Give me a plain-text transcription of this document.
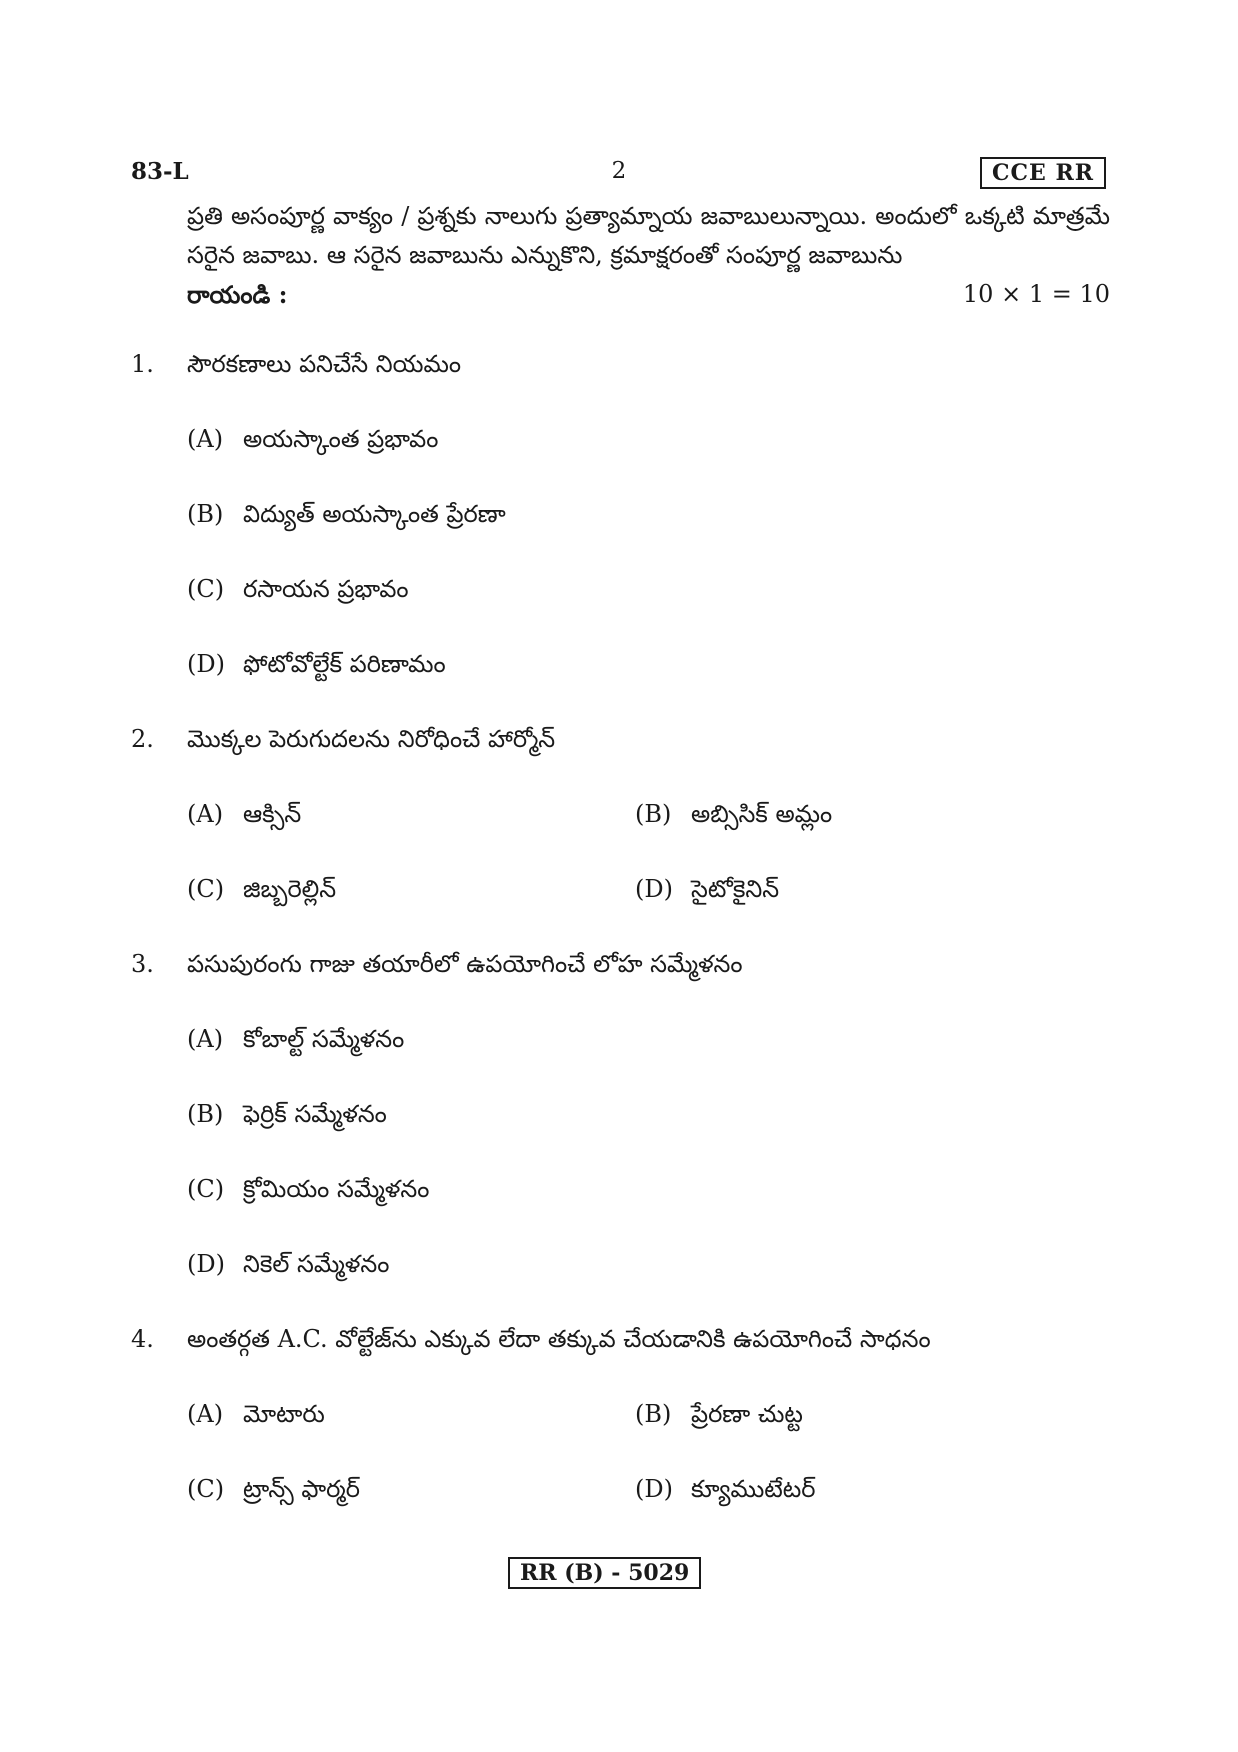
83-L	2	CCE RR
ప్రతి అసంపూర్ణ వాక్యం / ప్రశ్నకు నాలుగు ప్రత్యామ్నాయ జవాబులున్నాయి. అందులో ఒక్కటి మాత్రమే సరైన జవాబు. ఆ సరైన జవాబును ఎన్నుకొని, క్రమాక్షరంతో సంపూర్ణ జవాబును
రాయండి :	10 × 1 = 10
1.	సౌరకణాలు పనిచేసే నియమం
(A) అయస్కాంత ప్రభావం
(B) విద్యుత్ అయస్కాంత ప్రేరణా
(C) రసాయన ప్రభావం
(D) ఫోటోవోల్టేక్ పరిణామం
2.	మొక్కల పెరుగుదలను నిరోధించే హార్మోన్
(A) ఆక్సిన్	(B) అబ్సిసిక్ అమ్లం
(C) జిబ్బరెల్లిన్	(D) సైటోకైనిన్
3.	పసుపురంగు గాజు తయారీలో ఉపయోగించే లోహ సమ్మేళనం
(A) కోబాల్ట్ సమ్మేళనం
(B) ఫెర్రిక్ సమ్మేళనం
(C) క్రోమియం సమ్మేళనం
(D) నికెల్ సమ్మేళనం
4.	అంతర్గత A.C. వోల్టేజ్‌ను ఎక్కువ లేదా తక్కువ చేయడానికి ఉపయోగించే సాధనం
(A) మోటారు	(B) ప్రేరణా చుట్ట
(C) ట్రాన్స్ ఫార్మర్	(D) క్యూముటేటర్
RR (B) - 5029
